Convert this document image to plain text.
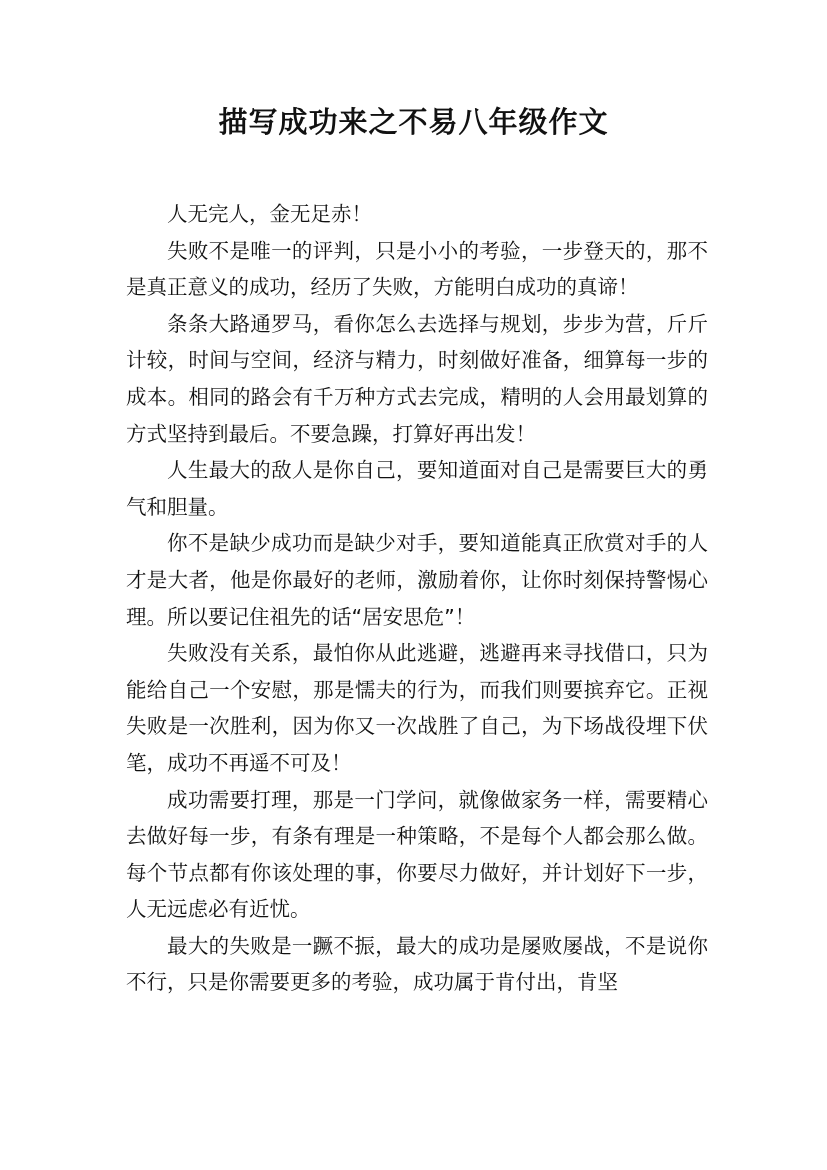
描写成功来之不易八年级作文

人无完人，金无足赤！

失败不是唯一的评判，只是小小的考验，一步登天的，那不是真正意义的成功，经历了失败，方能明白成功的真谛！

条条大路通罗马，看你怎么去选择与规划，步步为营，斤斤计较，时间与空间，经济与精力，时刻做好准备，细算每一步的成本。相同的路会有千万种方式去完成，精明的人会用最划算的方式坚持到最后。不要急躁，打算好再出发！

人生最大的敌人是你自己，要知道面对自己是需要巨大的勇气和胆量。

你不是缺少成功而是缺少对手，要知道能真正欣赏对手的人才是大者，他是你最好的老师，激励着你，让你时刻保持警惕心理。所以要记住祖先的话“居安思危”！

失败没有关系，最怕你从此逃避，逃避再来寻找借口，只为能给自己一个安慰，那是懦夫的行为，而我们则要摈弃它。正视失败是一次胜利，因为你又一次战胜了自己，为下场战役埋下伏笔，成功不再遥不可及！

成功需要打理，那是一门学问，就像做家务一样，需要精心去做好每一步，有条有理是一种策略，不是每个人都会那么做。每个节点都有你该处理的事，你要尽力做好，并计划好下一步，人无远虑必有近忧。

最大的失败是一蹶不振，最大的成功是屡败屡战，不是说你不行，只是你需要更多的考验，成功属于肯付出，肯坚
